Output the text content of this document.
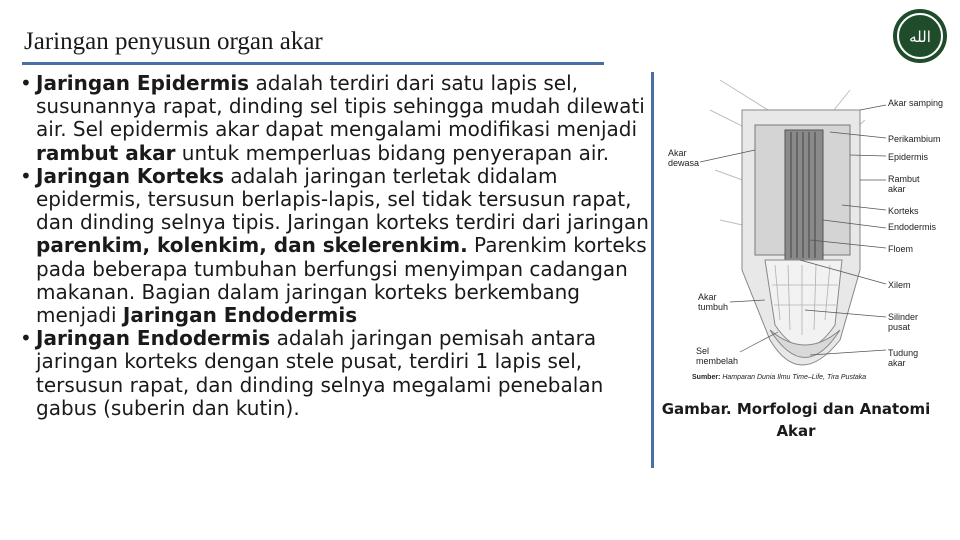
Jaringan penyusun organ akar	الله

• Jaringan Epidermis adalah terdiri dari satu lapis sel, susunannya rapat, dinding sel tipis sehingga mudah dilewati air. Sel epidermis akar dapat mengalami modifikasi menjadi rambut akar untuk memperluas bidang penyerapan air.

• Jaringan Korteks adalah jaringan terletak didalam epidermis, tersusun berlapis-lapis, sel tidak tersusun rapat, dan dinding selnya tipis. Jaringan korteks terdiri dari jaringan parenkim, kolenkim, dan skelerenkim. Parenkim korteks pada beberapa tumbuhan berfungsi menyimpan cadangan makanan. Bagian dalam jaringan korteks berkembang menjadi Jaringan Endodermis

• Jaringan Endodermis adalah jaringan pemisah antara jaringan korteks dengan stele pusat, terdiri 1 lapis sel, tersusun rapat, dan dinding selnya megalami penebalan gabus (suberin dan kutin).

Akar samping
Perikambium
Epidermis
Rambut akar
Korteks
Endodermis
Floem
Xilem
Silinder pusat
Tudung akar
Akar dewasa
Akar tumbuh
Sel membelah
Sumber: Hamparan Dunia Ilmu Time–Life, Tira Pustaka
Gambar. Morfologi dan Anatomi Akar
